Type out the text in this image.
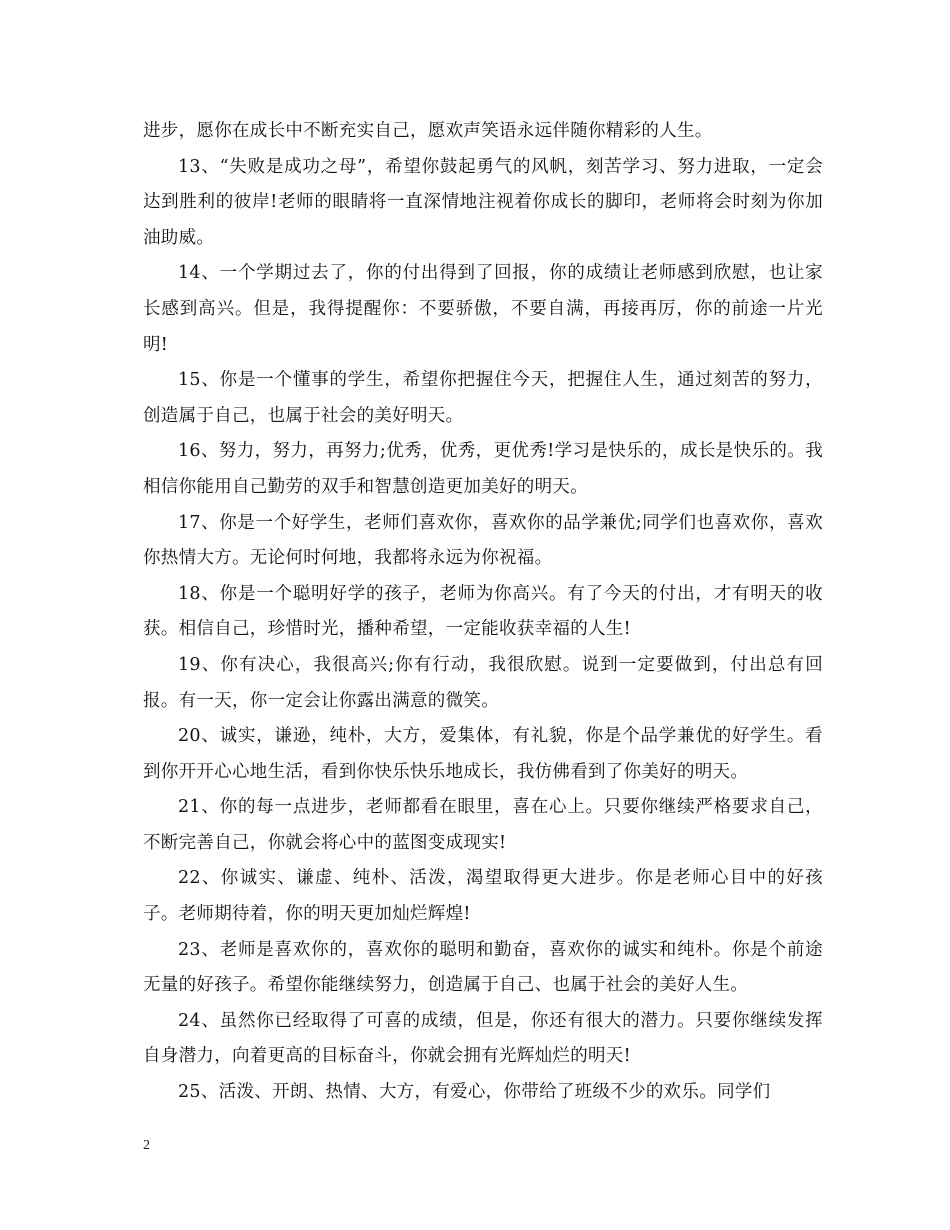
进步，愿你在成长中不断充实自己，愿欢声笑语永远伴随你精彩的人生。

13、“失败是成功之母”，希望你鼓起勇气的风帆，刻苦学习、努力进取，一定会达到胜利的彼岸!老师的眼睛将一直深情地注视着你成长的脚印，老师将会时刻为你加油助威。

14、一个学期过去了，你的付出得到了回报，你的成绩让老师感到欣慰，也让家长感到高兴。但是，我得提醒你：不要骄傲，不要自满，再接再厉，你的前途一片光明!

15、你是一个懂事的学生，希望你把握住今天，把握住人生，通过刻苦的努力，创造属于自己，也属于社会的美好明天。

16、努力，努力，再努力;优秀，优秀，更优秀!学习是快乐的，成长是快乐的。我相信你能用自己勤劳的双手和智慧创造更加美好的明天。

17、你是一个好学生，老师们喜欢你，喜欢你的品学兼优;同学们也喜欢你，喜欢你热情大方。无论何时何地，我都将永远为你祝福。

18、你是一个聪明好学的孩子，老师为你高兴。有了今天的付出，才有明天的收获。相信自己，珍惜时光，播种希望，一定能收获幸福的人生!

19、你有决心，我很高兴;你有行动，我很欣慰。说到一定要做到，付出总有回报。有一天，你一定会让你露出满意的微笑。

20、诚实，谦逊，纯朴，大方，爱集体，有礼貌，你是个品学兼优的好学生。看到你开开心心地生活，看到你快乐快乐地成长，我仿佛看到了你美好的明天。

21、你的每一点进步，老师都看在眼里，喜在心上。只要你继续严格要求自己，不断完善自己，你就会将心中的蓝图变成现实!

22、你诚实、谦虚、纯朴、活泼，渴望取得更大进步。你是老师心目中的好孩子。老师期待着，你的明天更加灿烂辉煌!

23、老师是喜欢你的，喜欢你的聪明和勤奋，喜欢你的诚实和纯朴。你是个前途无量的好孩子。希望你能继续努力，创造属于自己、也属于社会的美好人生。

24、虽然你已经取得了可喜的成绩，但是，你还有很大的潜力。只要你继续发挥自身潜力，向着更高的目标奋斗，你就会拥有光辉灿烂的明天!

25、活泼、开朗、热情、大方，有爱心，你带给了班级不少的欢乐。同学们

2
